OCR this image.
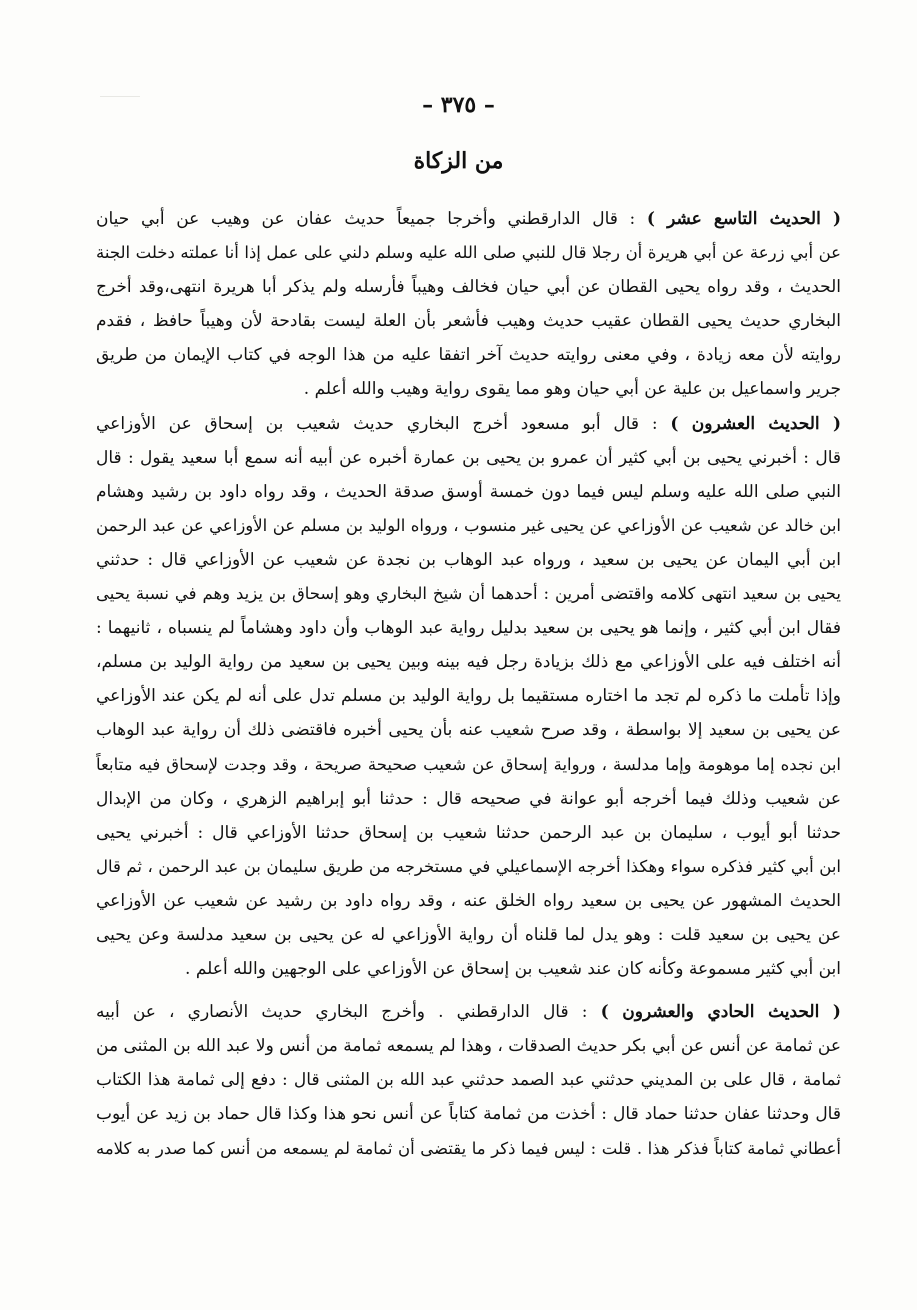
– ٣٧٥ –
من الزكاة
( الحديث التاسع عشر ) : قال الدارقطني وأخرجا جميعاً حديث عفان عن وهيب عن أبي حيان
عن أبي زرعة عن أبي هريرة أن رجلا قال للنبي صلى الله عليه وسلم دلني على عمل إذا أنا عملته دخلت الجنة
الحديث ، وقد رواه يحيى القطان عن أبي حيان فخالف وهيباً فأرسله ولم يذكر أبا هريرة انتهى،وقد أخرج
البخاري حديث يحيى القطان عقيب حديث وهيب فأشعر بأن العلة ليست بقادحة لأن وهيباً حافظ ، فقدم
روايته لأن معه زيادة ، وفي معنى روايته حديث آخر اتفقا عليه من هذا الوجه في كتاب الإيمان من طريق
جرير واسماعيل بن علية عن أبي حيان وهو مما يقوى رواية وهيب والله أعلم .
( الحديث العشرون ) : قال أبو مسعود أخرج البخاري حديث شعيب بن إسحاق عن الأوزاعي
قال : أخبرني يحيى بن أبي كثير أن عمرو بن يحيى بن عمارة أخبره عن أبيه أنه سمع أبا سعيد يقول : قال
النبي صلى الله عليه وسلم ليس فيما دون خمسة أوسق صدقة الحديث ، وقد رواه داود بن رشيد وهشام
ابن خالد عن شعيب عن الأوزاعي عن يحيى غير منسوب ، ورواه الوليد بن مسلم عن الأوزاعي عن عبد الرحمن
ابن أبي اليمان عن يحيى بن سعيد ، ورواه عبد الوهاب بن نجدة عن شعيب عن الأوزاعي قال : حدثني
يحيى بن سعيد انتهى كلامه واقتضى أمرين : أحدهما أن شيخ البخاري وهو إسحاق بن يزيد وهم في نسبة يحيى
فقال ابن أبي كثير ، وإنما هو يحيى بن سعيد بدليل رواية عبد الوهاب وأن داود وهشاماً لم ينسباه ، ثانيهما :
أنه اختلف فيه على الأوزاعي مع ذلك بزيادة رجل فيه بينه وبين يحيى بن سعيد من رواية الوليد بن مسلم،
وإذا تأملت ما ذكره لم تجد ما اختاره مستقيما بل رواية الوليد بن مسلم تدل على أنه لم يكن عند الأوزاعي
عن يحيى بن سعيد إلا بواسطة ، وقد صرح شعيب عنه بأن يحيى أخبره فاقتضى ذلك أن رواية عبد الوهاب
ابن نجده إما موهومة وإما مدلسة ، ورواية إسحاق عن شعيب صحيحة صريحة ، وقد وجدت لإسحاق فيه متابعاً
عن شعيب وذلك فيما أخرجه أبو عوانة في صحيحه قال : حدثنا أبو إبراهيم الزهري ، وكان من الإبدال
حدثنا أبو أيوب ، سليمان بن عبد الرحمن حدثنا شعيب بن إسحاق حدثنا الأوزاعي قال : أخبرني يحيى
ابن أبي كثير فذكره سواء وهكذا أخرجه الإسماعيلي في مستخرجه من طريق سليمان بن عبد الرحمن ، ثم قال
الحديث المشهور عن يحيى بن سعيد رواه الخلق عنه ، وقد رواه داود بن رشيد عن شعيب عن الأوزاعي
عن يحيى بن سعيد قلت : وهو يدل لما قلناه أن رواية الأوزاعي له عن يحيى بن سعيد مدلسة وعن يحيى
ابن أبي كثير مسموعة وكأنه كان عند شعيب بن إسحاق عن الأوزاعي على الوجهين والله أعلم .
( الحديث الحادي والعشرون ) : قال الدارقطني . وأخرج البخاري حديث الأنصاري ، عن أبيه
عن ثمامة عن أنس عن أبي بكر حديث الصدقات ، وهذا لم يسمعه ثمامة من أنس ولا عبد الله بن المثنى من
ثمامة ، قال على بن المديني حدثني عبد الصمد حدثني عبد الله بن المثنى قال : دفع إلى ثمامة هذا الكتاب
قال وحدثنا عفان حدثنا حماد قال : أخذت من ثمامة كتاباً عن أنس نحو هذا وكذا قال حماد بن زيد عن أيوب
أعطاني ثمامة كتاباً فذكر هذا . قلت : ليس فيما ذكر ما يقتضى أن ثمامة لم يسمعه من أنس كما صدر به كلامه
